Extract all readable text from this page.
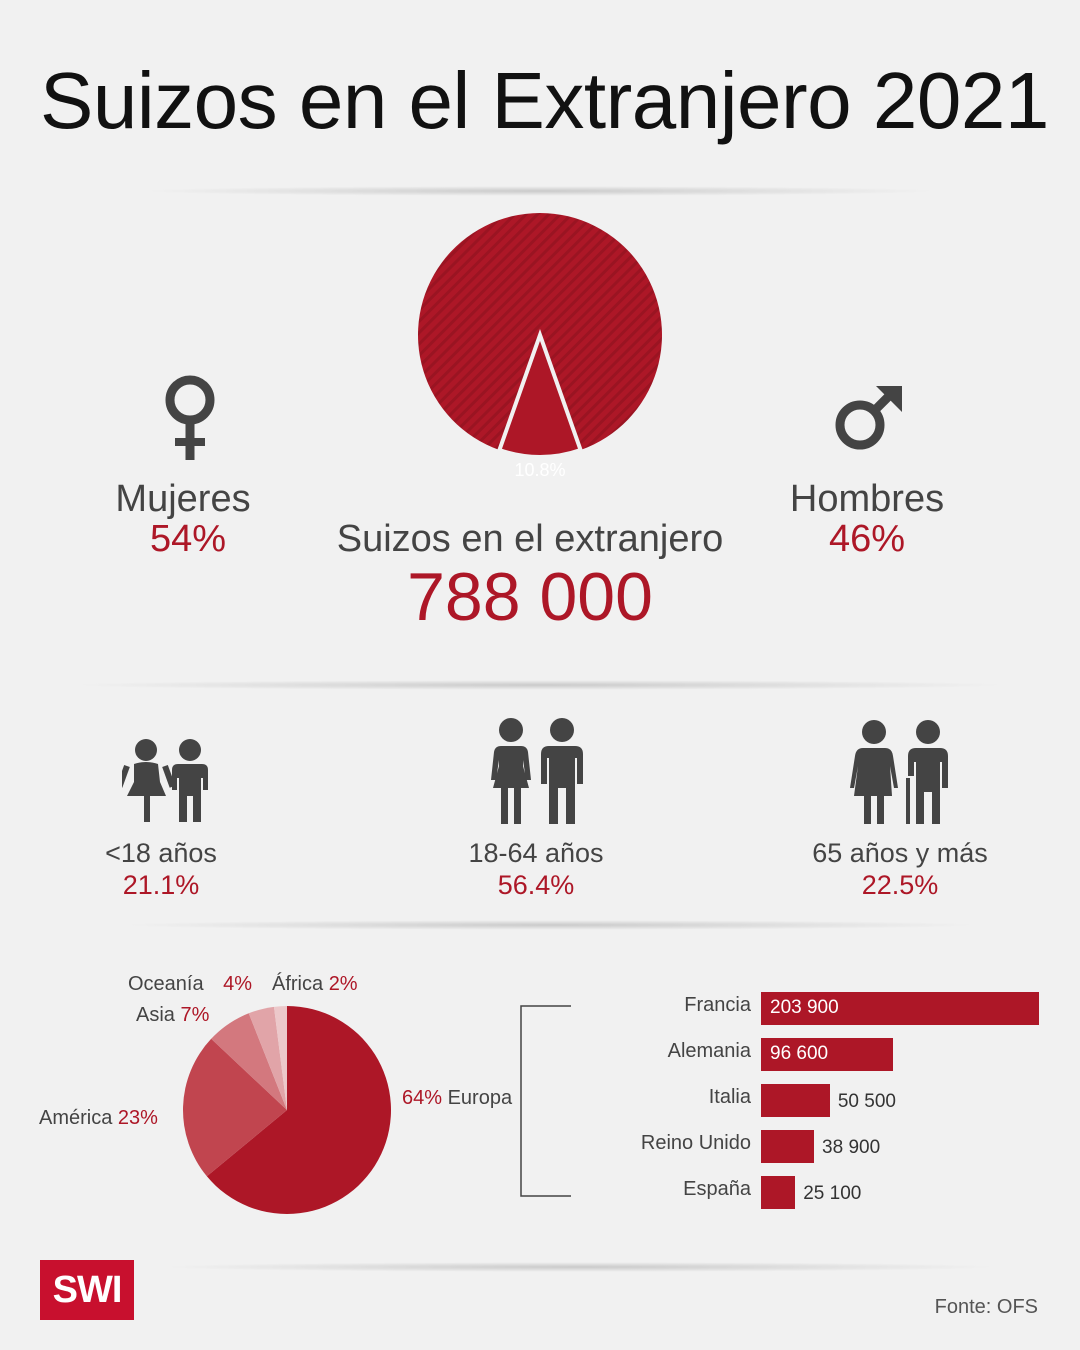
Suizos en el Extranjero 2021
10.8%
Mujeres
54%
Hombres
46%
Suizos en el extranjero
788 000
<18 años
21.1%
18-64 años
56.4%
65 años y más
22.5%
Oceanía 4% África 2%
Asia 7%
América 23%
64% Europa
Francia 203 900
Alemania 96 600
Italia	50 500
Reino Unido	38 900
España	25 100
SWI	Fonte: OFS
